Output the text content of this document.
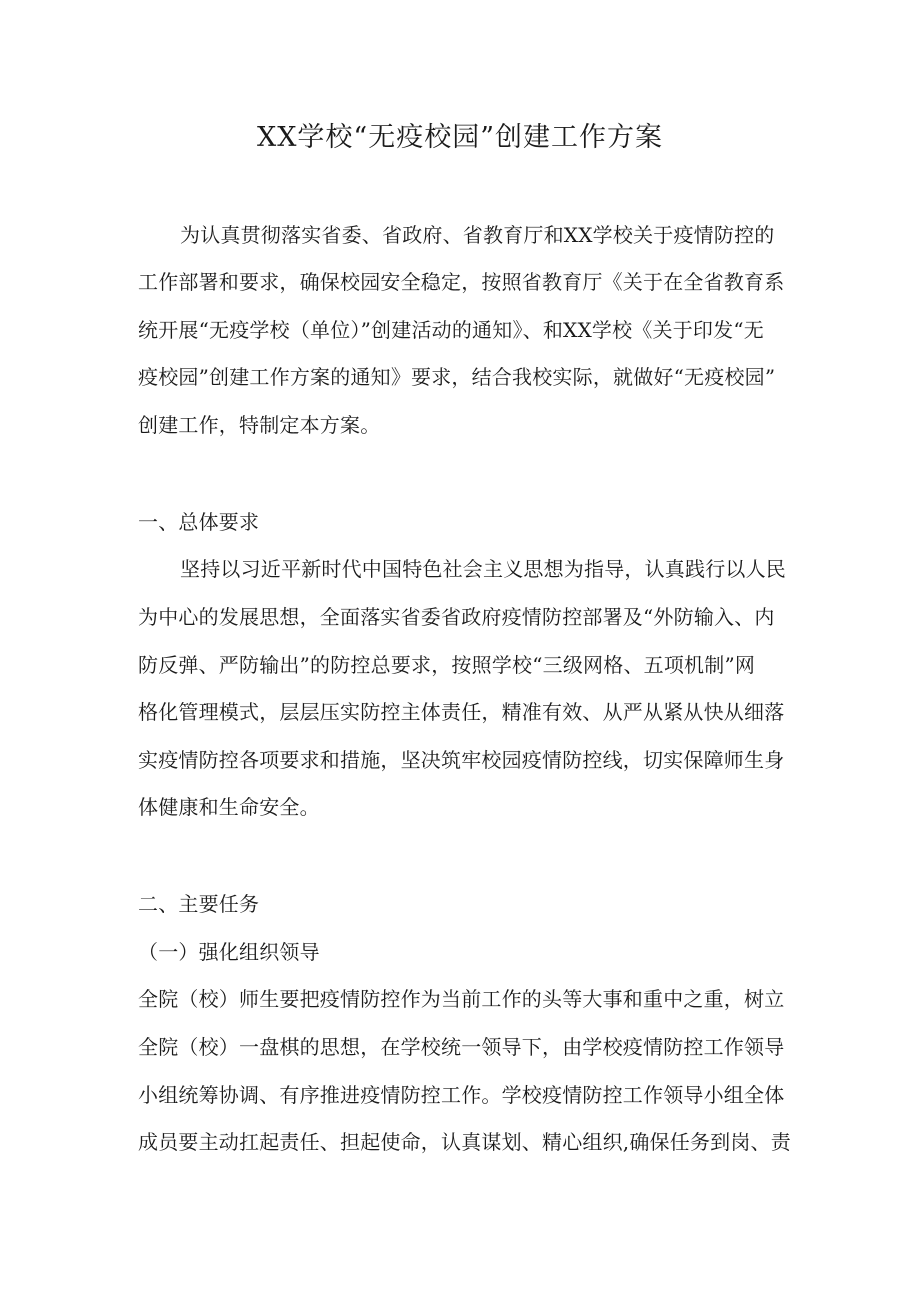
XX学校“无疫校园”创建工作方案
为认真贯彻落实省委、省政府、省教育厅和XX学校关于疫情防控的
工作部署和要求，确保校园安全稳定，按照省教育厅《关于在全省教育系
统开展“无疫学校（单位）”创建活动的通知》、和XX学校《关于印发“无
疫校园”创建工作方案的通知》要求，结合我校实际，就做好“无疫校园”
创建工作，特制定本方案。
一、总体要求
坚持以习近平新时代中国特色社会主义思想为指导，认真践行以人民
为中心的发展思想，全面落实省委省政府疫情防控部署及“外防输入、内
防反弹、严防输出”的防控总要求，按照学校“三级网格、五项机制”网
格化管理模式，层层压实防控主体责任，精准有效、从严从紧从快从细落
实疫情防控各项要求和措施，坚决筑牢校园疫情防控线，切实保障师生身
体健康和生命安全。
二、主要任务
（一）强化组织领导
全院（校）师生要把疫情防控作为当前工作的头等大事和重中之重，树立
全院（校）一盘棋的思想，在学校统一领导下，由学校疫情防控工作领导
小组统筹协调、有序推进疫情防控工作。学校疫情防控工作领导小组全体
成员要主动扛起责任、担起使命，认真谋划、精心组织,确保任务到岗、责
